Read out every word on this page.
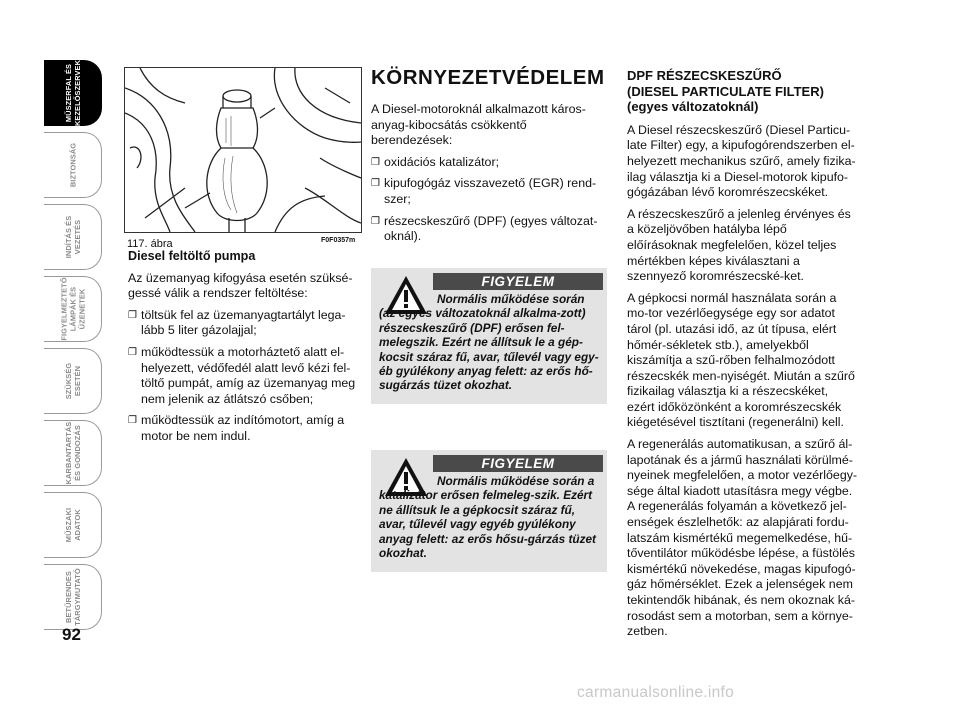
MŰSZERFAL ÉS
KEZELŐSZERVEK
BIZTONSÁG
INDÍTÁS ÉS
VEZETÉS
FIGYELMEZTETŐ
LÁMPÁK ÉS
ÜZENETEK
SZÜKSÉG
ESETÉN
KARBANTARTÁS
ÉS GONDOZÁS
MŰSZAKI
ADATOK
BETŰRENDES
TÁRGYMUTATÓ
92
117. ábra	F0F0357m

Diesel feltöltő pumpa

Az üzemanyag kifogyása esetén szüksé-gessé válik a rendszer feltöltése:

❐ töltsük fel az üzemanyagtartályt lega-lább 5 liter gázolajjal;

❐ működtessük a motorháztető alatt el-helyezett, védőfedél alatt levő kézi fel-töltő pumpát, amíg az üzemanyag meg nem jelenik az átlátszó csőben;

❐ működtessük az indítómotort, amíg a motor be nem indul.

KÖRNYEZETVÉDELEM

A Diesel-motoroknál alkalmazott káros-anyag-kibocsátás csökkentő berendezések:

❐ oxidációs katalizátor;

❐ kipufogógáz visszavezető (EGR) rend-szer;

❐ részecskeszűrő (DPF) (egyes változat-oknál).

FIGYELEM
Normális működése során (az egyes változatoknál alkalma-zott) részecskeszűrő (DPF) erősen fel-melegszik. Ezért ne állítsuk le a gép-kocsit száraz fű, avar, tűlevél vagy egy-éb gyúlékony anyag felett: az erős hő-sugárzás tüzet okozhat.
FIGYELEM
Normális működése során a katalizátor erősen felmeleg-szik. Ezért ne állítsuk le a gépkocsit száraz fű, avar, tűlevél vagy egyéb gyúlékony anyag felett: az erős hősu-gárzás tüzet okozhat.
DPF RÉSZECSKESZŰRŐ
(DIESEL PARTICULATE FILTER)
(egyes változatoknál)

A Diesel részecskeszűrő (Diesel Particu-late Filter) egy, a kipufogórendszerben el-helyezett mechanikus szűrő, amely fizika-ilag választja ki a Diesel-motorok kipufo-gógázában lévő koromrészecskéket.

A részecskeszűrő a jelenleg érvényes és a közeljövőben hatályba lépő előírásoknak megfelelően, közel teljes mértékben képes kiválasztani a szennyező koromrészecské-ket.

A gépkocsi normál használata során a mo-tor vezérlőegysége egy sor adatot tárol (pl. utazási idő, az út típusa, elért hőmér-sékletek stb.), amelyekből kiszámítja a szű-rőben felhalmozódott részecskék men-nyiségét. Miután a szűrő fizikailag választja ki a részecskéket, ezért időközönként a koromrészecskék kiégetésével tisztítani (regenerálni) kell.

A regenerálás automatikusan, a szűrő ál-lapotának és a jármű használati körülmé-nyeinek megfelelően, a motor vezérlőegy-sége által kiadott utasításra megy végbe. A regenerálás folyamán a következő jel-enségek észlelhetők: az alapjárati fordu-latszám kismértékű megemelkedése, hű-tőventilátor működésbe lépése, a füstölés kismértékű növekedése, magas kipufogó-gáz hőmérséklet. Ezek a jelenségek nem tekintendők hibának, és nem okoznak ká-rosodást sem a motorban, sem a környe-zetben.

carmanualsonline.info
